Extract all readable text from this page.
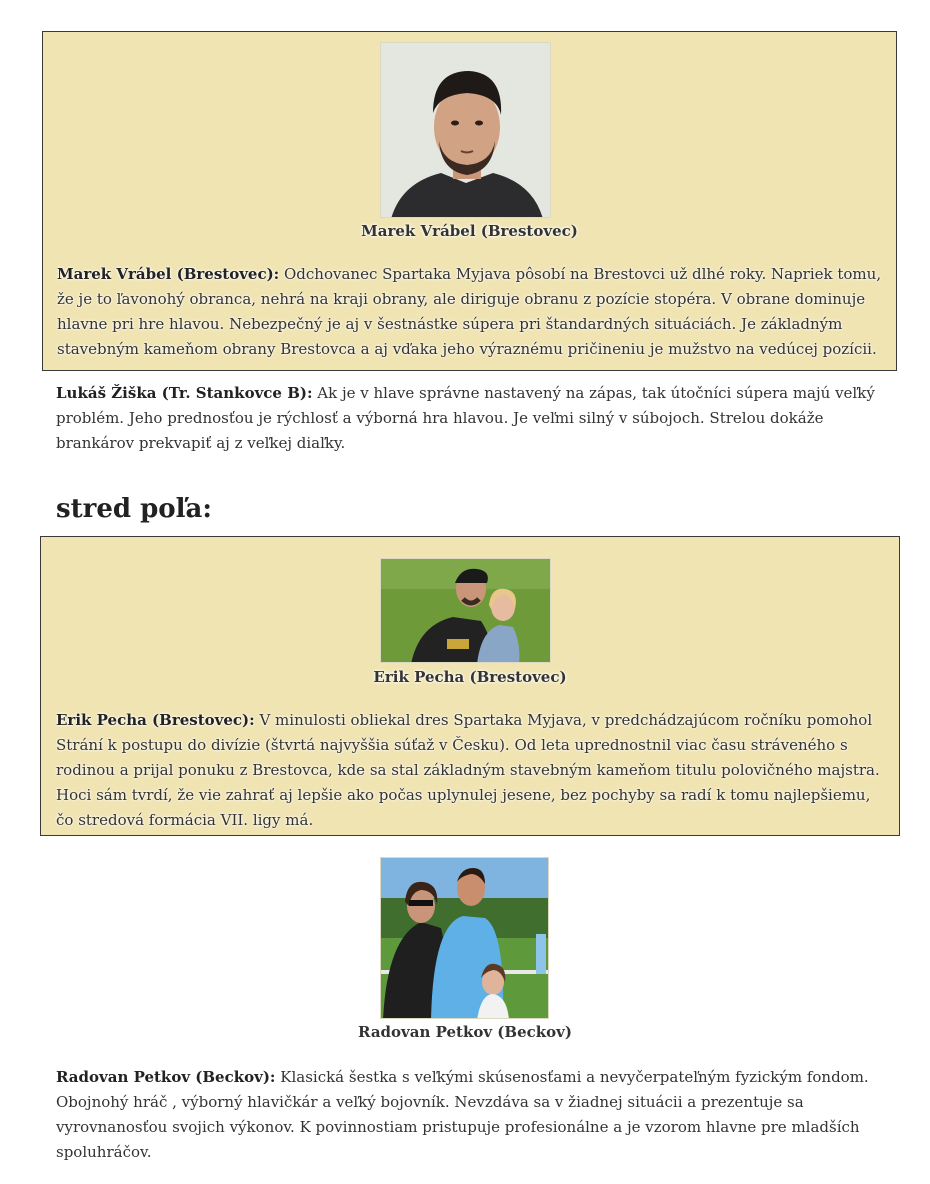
Marek Vrábel (Brestovec)

Marek Vrábel (Brestovec): Odchovanec Spartaka Myjava pôsobí na Brestovci už dlhé roky. Napriek tomu, že je to ľavonohý obranca, nehrá na kraji obrany, ale diriguje obranu z pozície stopéra. V obrane dominuje hlavne pri hre hlavou. Nebezpečný je aj v šestnástke súpera pri štandardných situáciách. Je základným stavebným kameňom obrany Brestovca a aj vďaka jeho výraznému pričineniu je mužstvo na vedúcej pozícii.

Lukáš Žiška (Tr. Stankovce B): Ak je v hlave správne nastavený na zápas, tak útočníci súpera majú veľký problém. Jeho prednosťou je rýchlosť a výborná hra hlavou. Je veľmi silný v súbojoch. Strelou dokáže brankárov prekvapiť aj z veľkej diaľky.

stred poľa:
Erik Pecha (Brestovec)

Erik Pecha (Brestovec): V minulosti obliekal dres Spartaka Myjava, v predchádzajúcom ročníku pomohol Strání k postupu do divízie (štvrtá najvyššia súťaž v Česku). Od leta uprednostnil viac času stráveného s rodinou a prijal ponuku z Brestovca, kde sa stal základným stavebným kameňom titulu polovičného majstra. Hoci sám tvrdí, že vie zahrať aj lepšie ako počas uplynulej jesene, bez pochyby sa radí k tomu najlepšiemu, čo stredová formácia VII. ligy má.

Radovan Petkov (Beckov)

Radovan Petkov (Beckov): Klasická šestka s veľkými skúsenosťami a nevyčerpateľným fyzickým fondom. Obojnohý hráč , výborný hlavičkár a veľký bojovník. Nevzdáva sa v žiadnej situácii a prezentuje sa vyrovnanosťou svojich výkonov. K povinnostiam pristupuje profesionálne a je vzorom hlavne pre mladších spoluhráčov.
